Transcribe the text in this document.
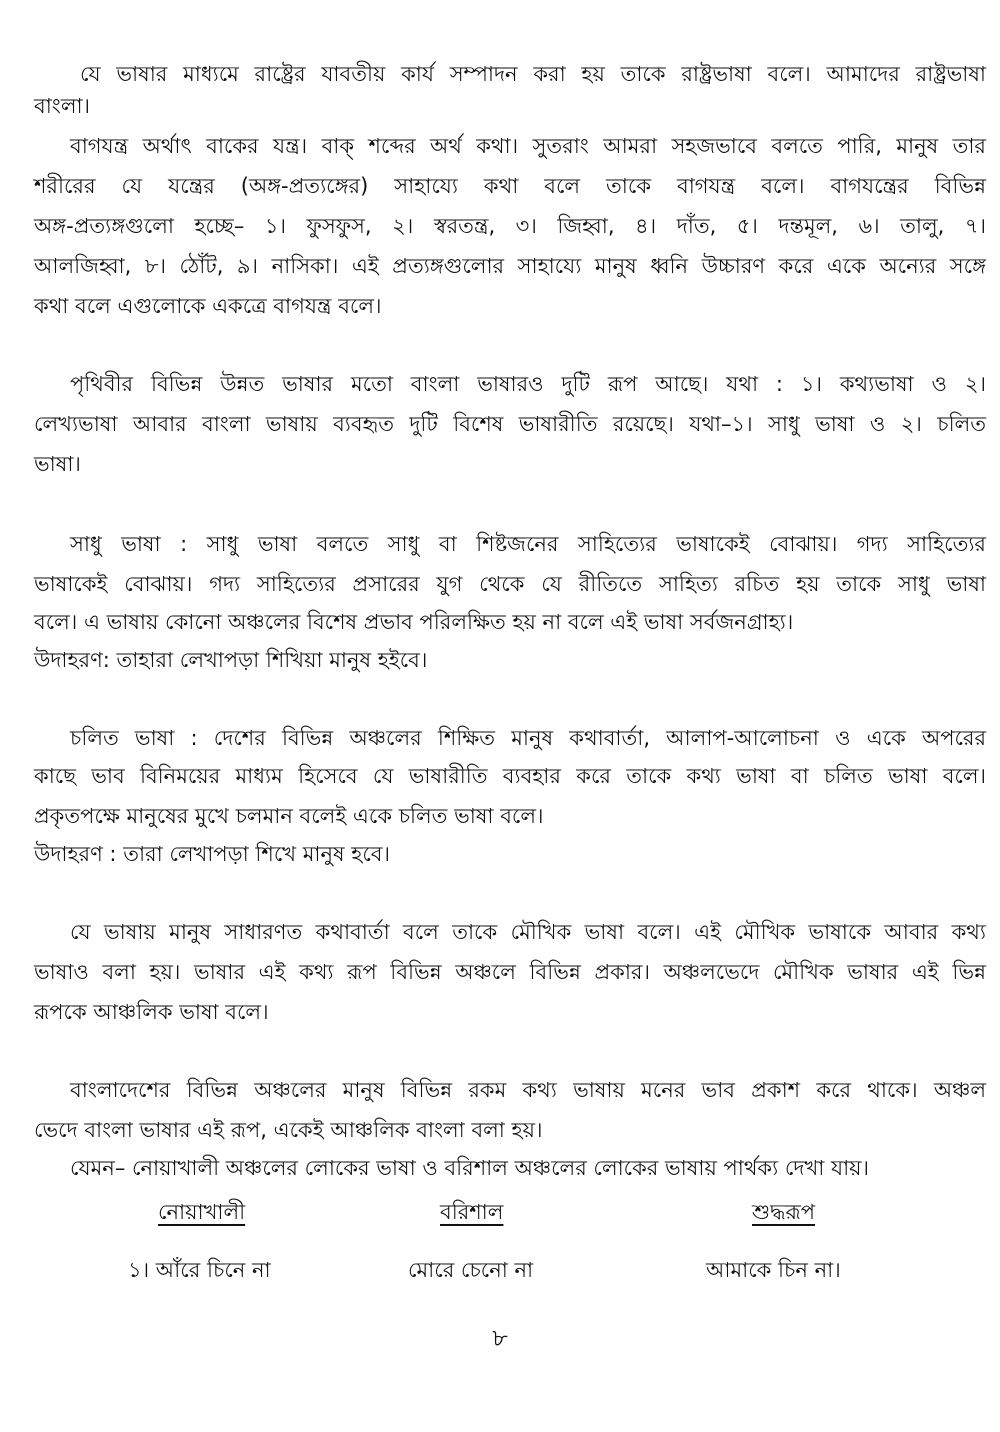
যে ভাষার মাধ্যমে রাষ্ট্রের যাবতীয় কার্য সম্পাদন করা হয় তাকে রাষ্ট্রভাষা বলে। আমাদের রাষ্ট্রভাষা
বাংলা।
বাগযন্ত্র অর্থাৎ বাকের যন্ত্র। বাক্ শব্দের অর্থ কথা। সুতরাং আমরা সহজভাবে বলতে পারি, মানুষ তার
শরীরের যে যন্ত্রের (অঙ্গ-প্রত্যঙ্গের) সাহায্যে কথা বলে তাকে বাগযন্ত্র বলে। বাগযন্ত্রের বিভিন্ন
অঙ্গ-প্রত্যঙ্গগুলো হচ্ছে– ১। ফুসফুস, ২। স্বরতন্ত্র, ৩। জিহ্বা, ৪। দাঁত, ৫। দন্তমূল, ৬। তালু, ৭।
আলজিহ্বা, ৮। ঠোঁট, ৯। নাসিকা। এই প্রত্যঙ্গগুলোর সাহায্যে মানুষ ধ্বনি উচ্চারণ করে একে অন্যের সঙ্গে
কথা বলে এগুলোকে একত্রে বাগযন্ত্র বলে।
পৃথিবীর বিভিন্ন উন্নত ভাষার মতো বাংলা ভাষারও দুটি রূপ আছে। যথা : ১। কথ্যভাষা ও ২।
লেখ্যভাষা আবার বাংলা ভাষায় ব্যবহৃত দুটি বিশেষ ভাষারীতি রয়েছে। যথা–১। সাধু ভাষা ও ২। চলিত
ভাষা।
সাধু ভাষা : সাধু ভাষা বলতে সাধু বা শিষ্টজনের সাহিত্যের ভাষাকেই বোঝায়। গদ্য সাহিত্যের
ভাষাকেই বোঝায়। গদ্য সাহিত্যের প্রসারের যুগ থেকে যে রীতিতে সাহিত্য রচিত হয় তাকে সাধু ভাষা
বলে। এ ভাষায় কোনো অঞ্চলের বিশেষ প্রভাব পরিলক্ষিত হয় না বলে এই ভাষা সর্বজনগ্রাহ্য।
উদাহরণ: তাহারা লেখাপড়া শিখিয়া মানুষ হইবে।
চলিত ভাষা : দেশের বিভিন্ন অঞ্চলের শিক্ষিত মানুষ কথাবার্তা, আলাপ-আলোচনা ও একে অপরের
কাছে ভাব বিনিময়ের মাধ্যম হিসেবে যে ভাষারীতি ব্যবহার করে তাকে কথ্য ভাষা বা চলিত ভাষা বলে।
প্রকৃতপক্ষে মানুষের মুখে চলমান বলেই একে চলিত ভাষা বলে।
উদাহরণ : তারা লেখাপড়া শিখে মানুষ হবে।
যে ভাষায় মানুষ সাধারণত কথাবার্তা বলে তাকে মৌখিক ভাষা বলে। এই মৌখিক ভাষাকে আবার কথ্য
ভাষাও বলা হয়। ভাষার এই কথ্য রূপ বিভিন্ন অঞ্চলে বিভিন্ন প্রকার। অঞ্চলভেদে মৌখিক ভাষার এই ভিন্ন
রূপকে আঞ্চলিক ভাষা বলে।
বাংলাদেশের বিভিন্ন অঞ্চলের মানুষ বিভিন্ন রকম কথ্য ভাষায় মনের ভাব প্রকাশ করে থাকে। অঞ্চল
ভেদে বাংলা ভাষার এই রূপ, একেই আঞ্চলিক বাংলা বলা হয়।
যেমন– নোয়াখালী অঞ্চলের লোকের ভাষা ও বরিশাল অঞ্চলের লোকের ভাষায় পার্থক্য দেখা যায়।
নোয়াখালী	বরিশাল	শুদ্ধরূপ
১। আঁরে চিনে না	মোরে চেনো না	আমাকে চিন না।
৮
